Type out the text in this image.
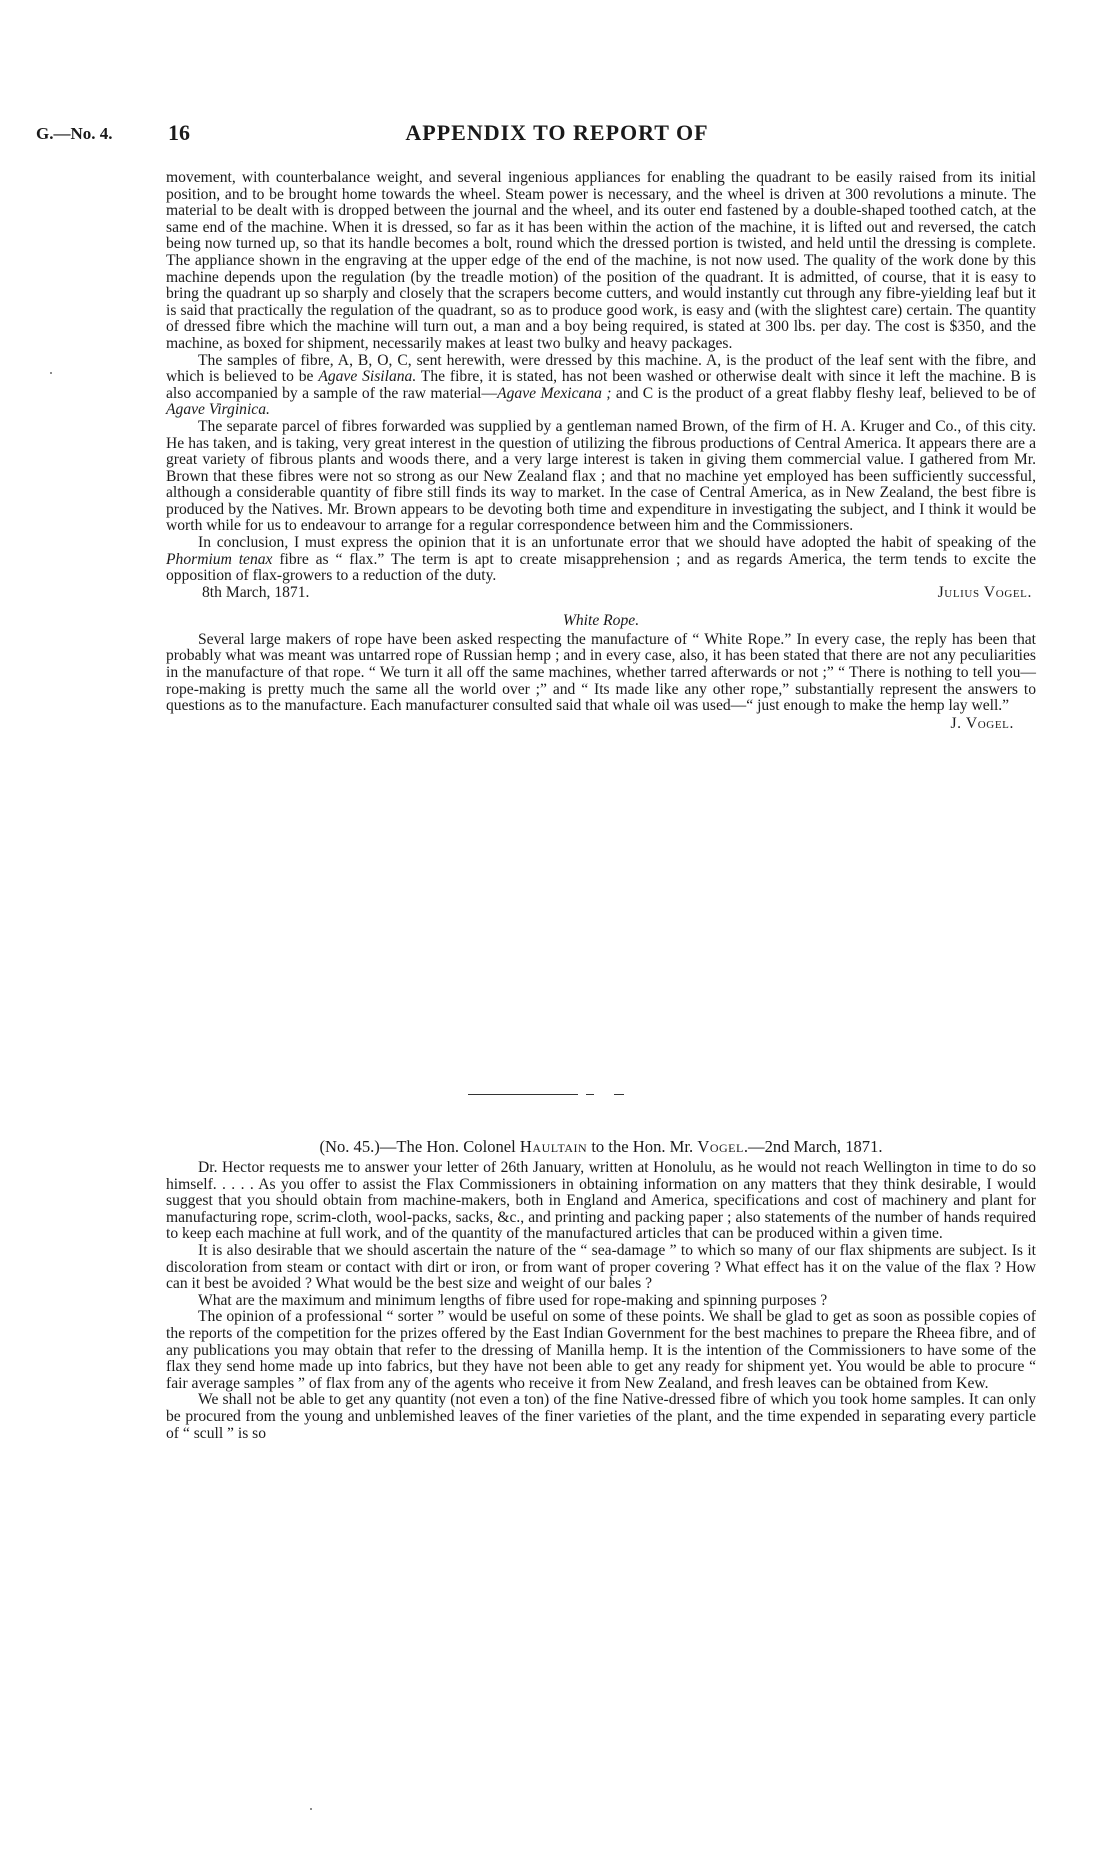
G.—No. 4.	16	APPENDIX TO REPORT OF

movement, with counterbalance weight, and several ingenious appliances for enabling the quadrant to be easily raised from its initial position, and to be brought home towards the wheel. Steam power is necessary, and the wheel is driven at 300 revolutions a minute. The material to be dealt with is dropped between the journal and the wheel, and its outer end fastened by a double-shaped toothed catch, at the same end of the machine. When it is dressed, so far as it has been within the action of the machine, it is lifted out and reversed, the catch being now turned up, so that its handle becomes a bolt, round which the dressed portion is twisted, and held until the dressing is complete. The appliance shown in the engraving at the upper edge of the end of the machine, is not now used. The quality of the work done by this machine depends upon the regulation (by the treadle motion) of the position of the quadrant. It is admitted, of course, that it is easy to bring the quadrant up so sharply and closely that the scrapers become cutters, and would instantly cut through any fibre-yielding leaf but it is said that practically the regulation of the quadrant, so as to produce good work, is easy and (with the slightest care) certain. The quantity of dressed fibre which the machine will turn out, a man and a boy being required, is stated at 300 lbs. per day. The cost is $350, and the machine, as boxed for shipment, necessarily makes at least two bulky and heavy packages.

The samples of fibre, A, B, O, C, sent herewith, were dressed by this machine. A, is the product of the leaf sent with the fibre, and which is believed to be Agave Sisilana. The fibre, it is stated, has not been washed or otherwise dealt with since it left the machine. B is also accompanied by a sample of the raw material—Agave Mexicana ; and C is the product of a great flabby fleshy leaf, believed to be of Agave Virginica.

The separate parcel of fibres forwarded was supplied by a gentleman named Brown, of the firm of H. A. Kruger and Co., of this city. He has taken, and is taking, very great interest in the question of utilizing the fibrous productions of Central America. It appears there are a great variety of fibrous plants and woods there, and a very large interest is taken in giving them commercial value. I gathered from Mr. Brown that these fibres were not so strong as our New Zealand flax ; and that no machine yet employed has been sufficiently successful, although a considerable quantity of fibre still finds its way to market. In the case of Central America, as in New Zealand, the best fibre is produced by the Natives. Mr. Brown appears to be devoting both time and expenditure in investigating the subject, and I think it would be worth while for us to endeavour to arrange for a regular correspondence between him and the Commissioners.

In conclusion, I must express the opinion that it is an unfortunate error that we should have adopted the habit of speaking of the Phormium tenax fibre as “ flax.” The term is apt to create misapprehension ; and as regards America, the term tends to excite the opposition of flax-growers to a reduction of the duty.

8th March, 1871.	Julius Vogel.
White Rope.

Several large makers of rope have been asked respecting the manufacture of “ White Rope.” In every case, the reply has been that probably what was meant was untarred rope of Russian hemp ; and in every case, also, it has been stated that there are not any peculiarities in the manufacture of that rope. “ We turn it all off the same machines, whether tarred afterwards or not ;” “ There is nothing to tell you—rope-making is pretty much the same all the world over ;” and “ Its made like any other rope,” substantially represent the answers to questions as to the manufacture. Each manufacturer consulted said that whale oil was used—“ just enough to make the hemp lay well.”

J. Vogel.
(No. 45.)—The Hon. Colonel Haultain to the Hon. Mr. Vogel.—2nd March, 1871.

Dr. Hector requests me to answer your letter of 26th January, written at Honolulu, as he would not reach Wellington in time to do so himself. . . . . As you offer to assist the Flax Commissioners in obtaining information on any matters that they think desirable, I would suggest that you should obtain from machine-makers, both in England and America, specifications and cost of machinery and plant for manufacturing rope, scrim-cloth, wool-packs, sacks, &c., and printing and packing paper ; also statements of the number of hands required to keep each machine at full work, and of the quantity of the manufactured articles that can be produced within a given time.

It is also desirable that we should ascertain the nature of the “ sea-damage ” to which so many of our flax shipments are subject. Is it discoloration from steam or contact with dirt or iron, or from want of proper covering ? What effect has it on the value of the flax ? How can it best be avoided ? What would be the best size and weight of our bales ?

What are the maximum and minimum lengths of fibre used for rope-making and spinning purposes ?

The opinion of a professional “ sorter ” would be useful on some of these points. We shall be glad to get as soon as possible copies of the reports of the competition for the prizes offered by the East Indian Government for the best machines to prepare the Rheea fibre, and of any publications you may obtain that refer to the dressing of Manilla hemp. It is the intention of the Commissioners to have some of the flax they send home made up into fabrics, but they have not been able to get any ready for shipment yet. You would be able to procure “ fair average samples ” of flax from any of the agents who receive it from New Zealand, and fresh leaves can be obtained from Kew.

We shall not be able to get any quantity (not even a ton) of the fine Native-dressed fibre of which you took home samples. It can only be procured from the young and unblemished leaves of the finer varieties of the plant, and the time expended in separating every particle of “ scull ” is so
